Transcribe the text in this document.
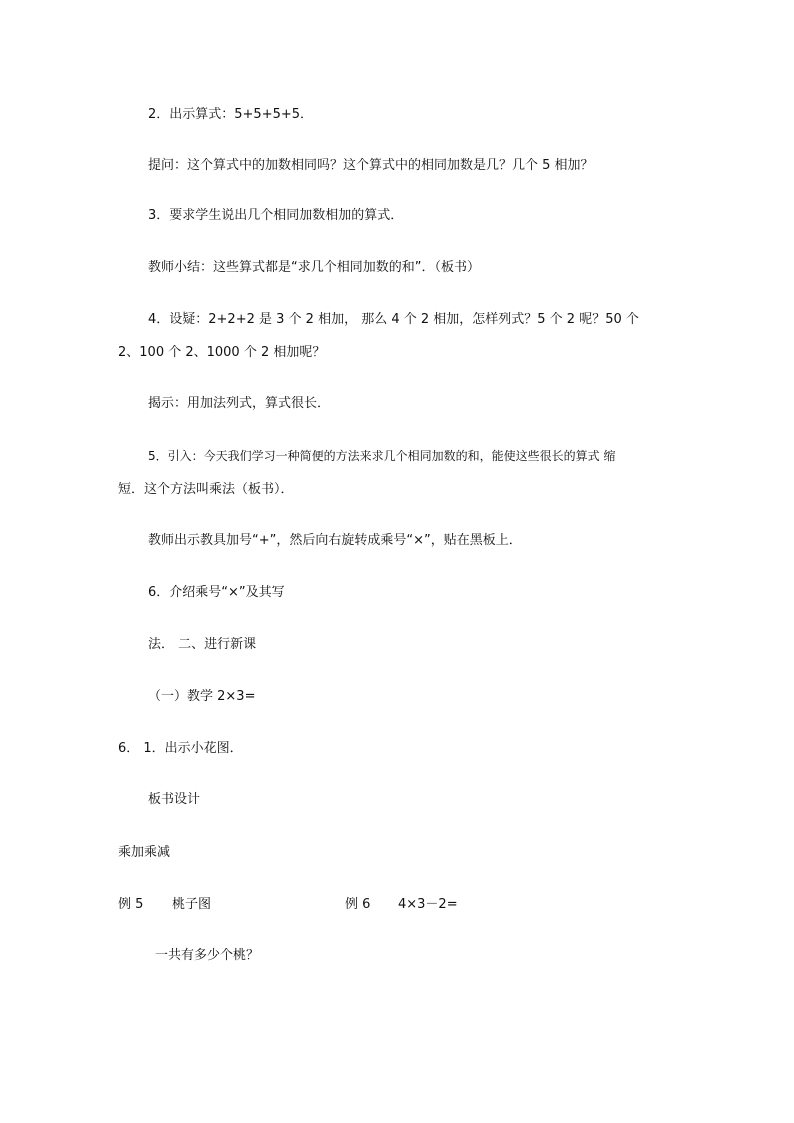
2．出示算式：5+5+5+5．
提问：这个算式中的加数相同吗？这个算式中的相同加数是几？几个 5 相加？
3．要求学生说出几个相同加数相加的算式．
教师小结：这些算式都是“求几个相同加数的和”．（板书）
4．设疑：2+2+2 是 3 个 2 相加， 那么 4 个 2 相加，怎样列式？5 个 2 呢？50 个
2、100 个 2、1000 个 2 相加呢？
揭示：用加法列式，算式很长．
5．引入：今天我们学习一种简便的方法来求几个相同加数的和，能使这些很长的算式 缩
短．这个方法叫乘法（板书）．
教师出示教具加号“+”，然后向右旋转成乘号“×”，贴在黑板上．
6．介绍乘号“×”及其写
法． 二、进行新课
（一）教学 2×3=
6． 1．出示小花图．
板书设计
乘加乘减
例 5 桃子图	例 6 4×3－2=
一共有多少个桃？
